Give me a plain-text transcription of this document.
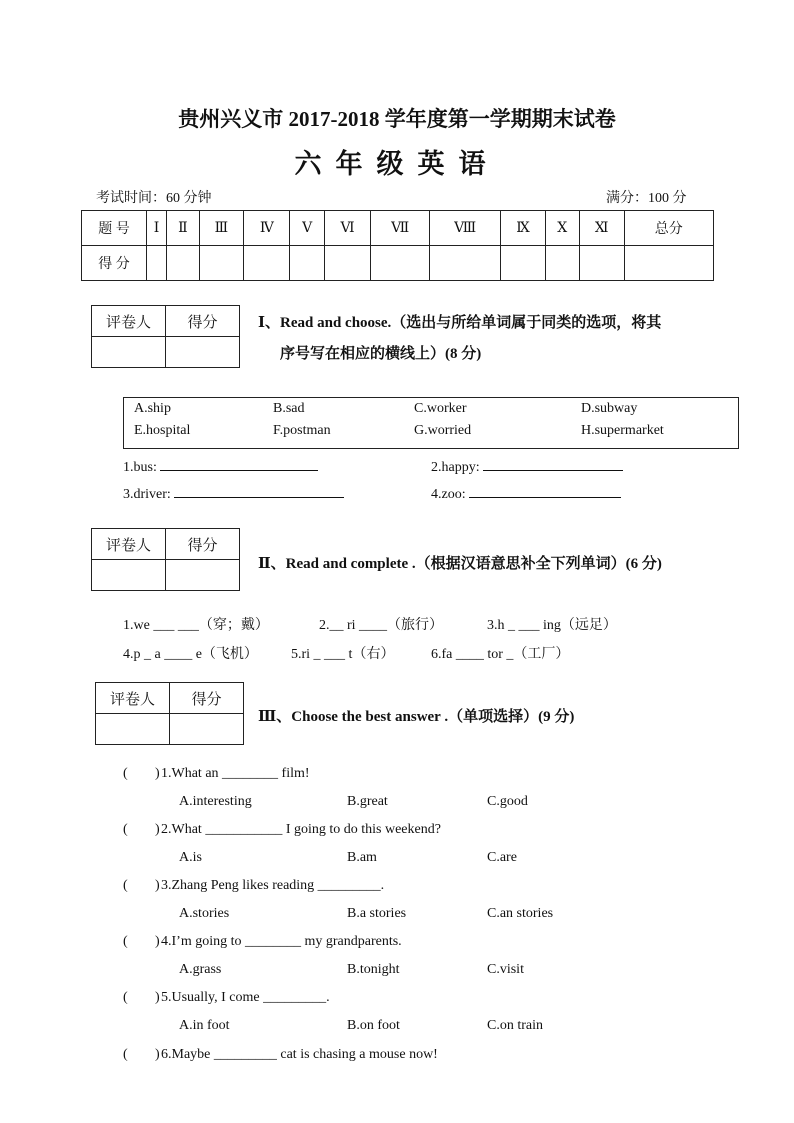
贵州兴义市 2017-2018 学年度第一学期期末试卷
六年级英语
考试时间：60 分钟	满分：100 分
题 号	Ⅰ	Ⅱ	Ⅲ	Ⅳ	Ⅴ	Ⅵ	Ⅶ	Ⅷ	Ⅸ	Ⅹ	Ⅺ	总分
得 分												
评卷人	得分
		Ⅰ、Read and choose.（选出与所给单词属于同类的选项，将其
序号写在相应的横线上）(8 分)
A.ship	B.sad	C.worker	D.subway
E.hospital	F.postman	G.worried	H.supermarket
1.bus:	2.happy:
3.driver:	4.zoo:
评卷人	得分

Ⅱ、Read and complete .（根据汉语意思补全下列单词）(6 分)
1.we ___ ___（穿；戴）	2.__ ri ____（旅行）	3.h _ ___ ing（远足）
4.p _ a ____ e（飞机） 5.ri _ ___ t（右）	6.fa ____ tor _（工厂）
评卷人	得分

Ⅲ、Choose the best answer .（单项选择）(9 分)
( ) 1.What an ________ film!
A.interesting	B.great	C.good
( ) 2.What ___________ I going to do this weekend?
A.is	B.am	C.are
( ) 3.Zhang Peng likes reading _________.
A.stories	B.a stories	C.an stories
( ) 4.I’m going to ________ my grandparents.
A.grass	B.tonight	C.visit
( ) 5.Usually, I come _________.
A.in foot	B.on foot	C.on train
( ) 6.Maybe _________ cat is chasing a mouse now!
